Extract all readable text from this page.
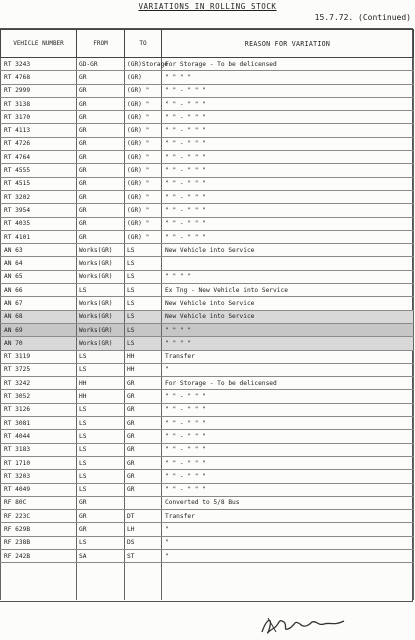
VARIATIONS IN ROLLING STOCK
15.7.72. (Continued)
VEHICLE NUMBER	FROM	TO	REASON FOR VARIATION
RT 3243	GD-GR	(GR)Storage	For Storage - To be delicensed
RT 4768	GR	(GR)	" " " "
RT 2999	GR	(GR) "	" " - " " "
RT 3138	GR	(GR) "	" " - " " "
RT 3170	GR	(GR) "	" " - " " "
RT 4113	GR	(GR) "	" " - " " "
RT 4726	GR	(GR) "	" " - " " "
RT 4764	GR	(GR) "	" " - " " "
RT 4555	GR	(GR) "	" " - " " "
RT 4515	GR	(GR) "	" " - " " "
RT 3202	GR	(GR) "	" " - " " "
RT 3954	GR	(GR) "	" " - " " "
RT 4035	GR	(GR) "	" " - " " "
RT 4101	GR	(GR) "	" " - " " "
AN 63	Works(GR)	LS	New Vehicle into Service
AN 64	Works(GR)	LS	
AN 65	Works(GR)	LS	" " " "
AN 66	LS	LS	Ex Tng - New Vehicle into Service
AN 67	Works(GR)	LS	New Vehicle into Service
AN 68	Works(GR)	LS	New Vehicle into Service
AN 69	Works(GR)	LS	" " " "
AN 70	Works(GR)	LS	" " " "
RT 3119	LS	HH	Transfer
RT 3725	LS	HH	"
RT 3242	HH	GR	For Storage - To be delicensed
RT 3052	HH	GR	" " - " " "
RT 3126	LS	GR	" " - " " "
RT 3081	LS	GR	" " - " " "
RT 4044	LS	GR	" " - " " "
RT 3183	LS	GR	" " - " " "
RT 1710	LS	GR	" " - " " "
RT 3203	LS	GR	" " - " " "
RT 4049	LS	GR	" " - " " "
RF 80C	GR		Converted to 5/8 Bus
RF 223C	GR	DT	Transfer
RF 629B	GR	LH	"
RF 238B	LS	DS	"
RF 242B	SA	ST	"
